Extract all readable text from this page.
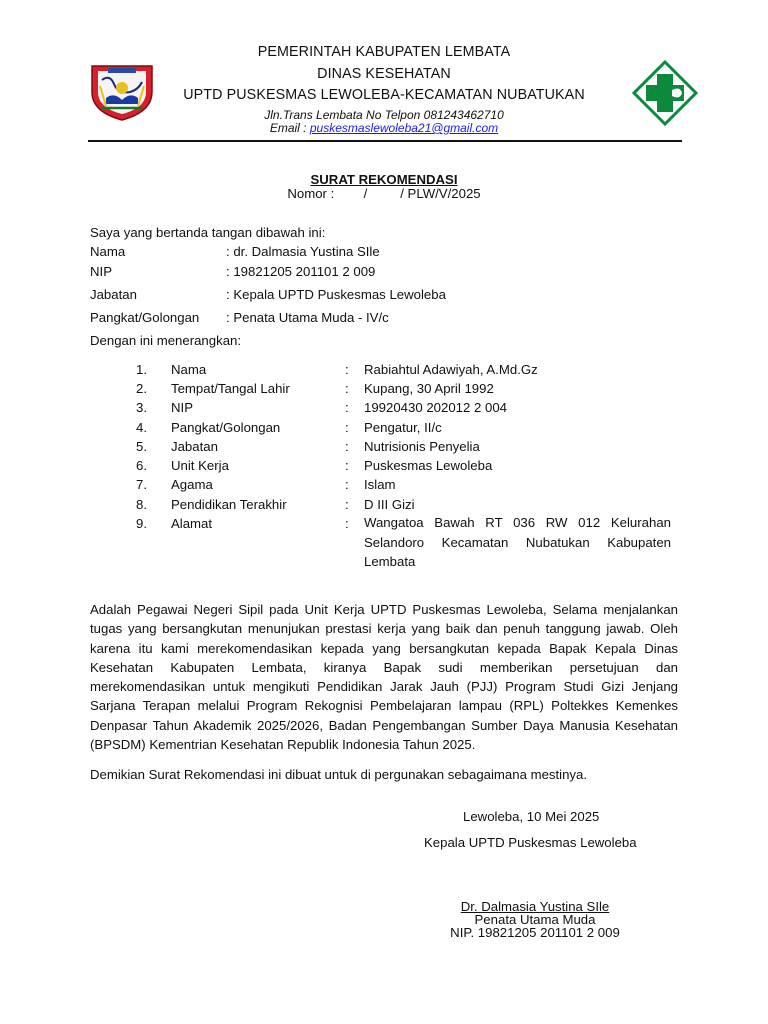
PEMERINTAH KABUPATEN LEMBATA
DINAS KESEHATAN
UPTD PUSKESMAS LEWOLEBA-KECAMATAN NUBATUKAN
Jln.Trans Lembata No Telpon 081243462710
Email : puskesmaslewoleba21@gmail.com
SURAT REKOMENDASI
Nomor :        /         / PLW/V/2025
Saya yang bertanda tangan dibawah ini:
Nama	: dr. Dalmasia Yustina SIle
NIP	: 19821205 201101 2 009
Jabatan	: Kepala UPTD Puskesmas Lewoleba
Pangkat/Golongan : Penata Utama Muda - IV/c
Dengan ini menerangkan:
1. Nama	: Rabiahtul Adawiyah, A.Md.Gz
2. Tempat/Tangal Lahir	: Kupang, 30 April 1992
3. NIP	: 19920430 202012 2 004
4. Pangkat/Golongan	: Pengatur, II/c
5. Jabatan	: Nutrisionis Penyelia
6. Unit Kerja	: Puskesmas Lewoleba
7. Agama	: Islam
8. Pendidikan Terakhir	: D III Gizi
9. Alamat	: Wangatoa Bawah RT 036 RW 012 Kelurahan Selandoro Kecamatan Nubatukan Kabupaten Lembata
Adalah Pegawai Negeri Sipil pada Unit Kerja UPTD Puskesmas Lewoleba, Selama menjalankan tugas yang bersangkutan menunjukan prestasi kerja yang baik dan penuh tanggung jawab. Oleh karena itu kami merekomendasikan kepada yang bersangkutan kepada Bapak Kepala Dinas Kesehatan Kabupaten Lembata, kiranya Bapak sudi memberikan persetujuan dan merekomendasikan untuk mengikuti Pendidikan Jarak Jauh (PJJ) Program Studi Gizi Jenjang Sarjana Terapan melalui Program Rekognisi Pembelajaran lampau (RPL) Poltekkes Kemenkes Denpasar Tahun Akademik 2025/2026, Badan Pengembangan Sumber Daya Manusia Kesehatan (BPSDM) Kementrian Kesehatan Republik Indonesia Tahun 2025.
Demikian Surat Rekomendasi ini dibuat untuk di pergunakan sebagaimana mestinya.
Lewoleba, 10 Mei 2025
Kepala UPTD Puskesmas Lewoleba
Dr. Dalmasia Yustina SIle
Penata Utama Muda
NIP. 19821205 201101 2 009
